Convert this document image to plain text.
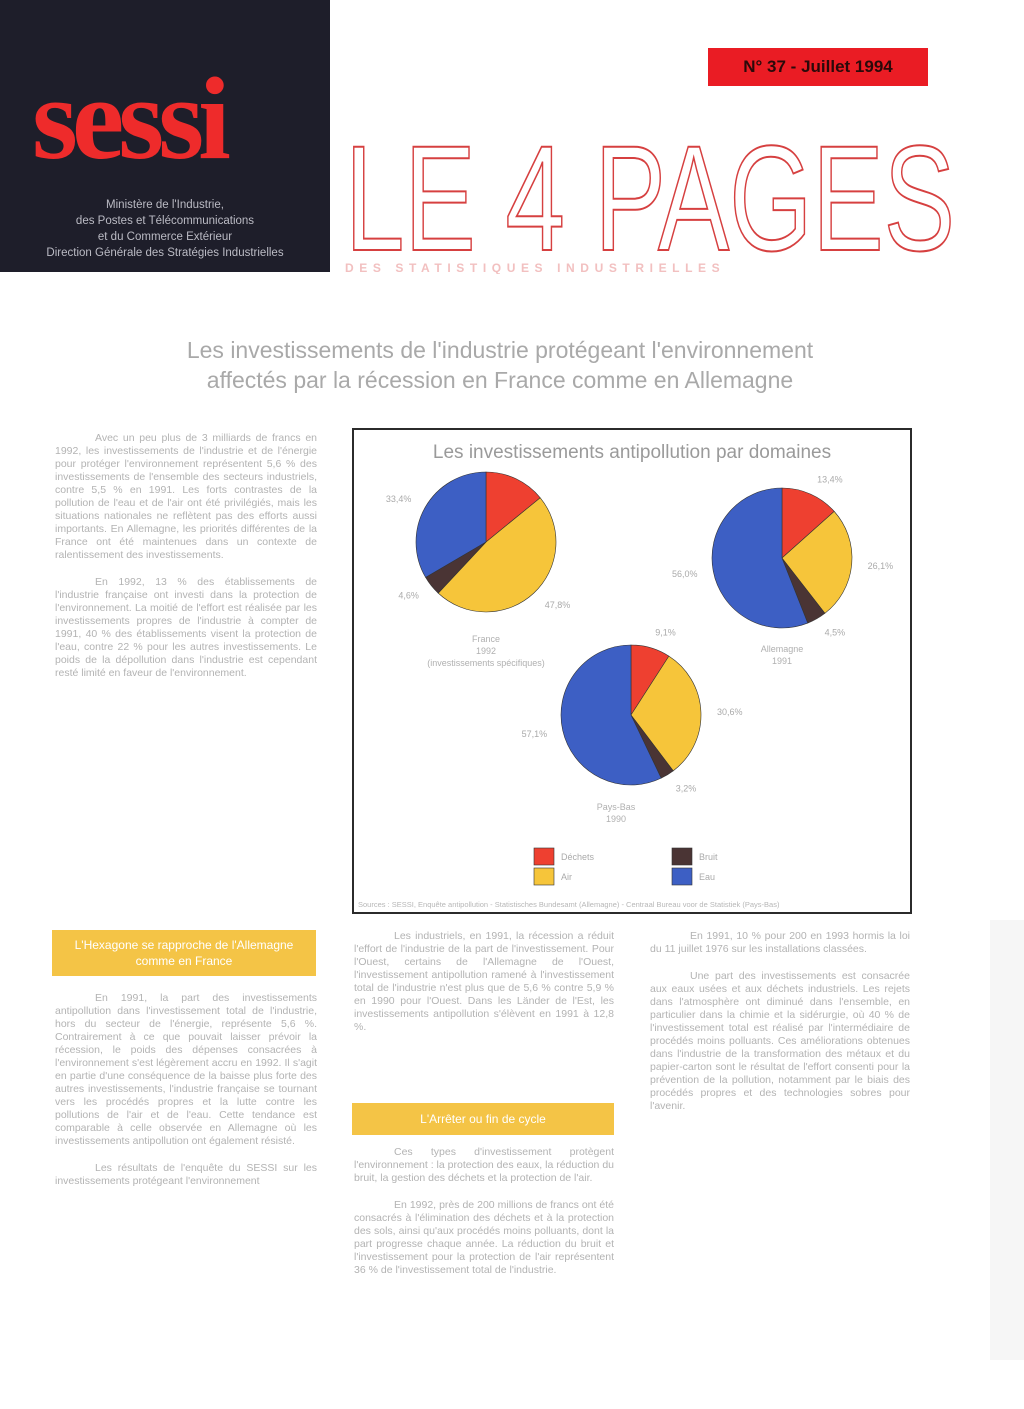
sessi
Ministère de l'Industrie,
des Postes et Télécommunications
et du Commerce Extérieur
Direction Générale des Stratégies Industrielles
N° 37 - Juillet 1994
LE 4 PAGES
DES STATISTIQUES INDUSTRIELLES
Les investissements de l'industrie protégeant l'environnement
affectés par la récession en France comme en Allemagne

Avec un peu plus de 3 milliards de francs en 1992, les investissements de l'industrie et de l'énergie pour protéger l'environnement représentent 5,6 % des investissements de l'ensemble des secteurs industriels, contre 5,5 % en 1991. Les forts contrastes de la pollution de l'eau et de l'air ont été privilégiés, mais les situations nationales ne reflètent pas des efforts aussi importants. En Allemagne, les priorités différentes de la France ont été maintenues dans un contexte de ralentissement des investissements.

En 1992, 13 % des établissements de l'industrie française ont investi dans la protection de l'environnement. La moitié de l'effort est réalisée par les investissements propres de l'industrie à compter de 1991, 40 % des établissements visent la protection de l'eau, contre 22 % pour les autres investissements. Le poids de la dépollution dans l'industrie est cependant resté limité en faveur de l'environnement.

L'Hexagone se rapproche de l'Allemagne
comme en France

En 1991, la part des investissements antipollution dans l'investissement total de l'industrie, hors du secteur de l'énergie, représente 5,6 %. Contrairement à ce que pouvait laisser prévoir la récession, le poids des dépenses consacrées à l'environnement s'est légèrement accru en 1992. Il s'agit en partie d'une conséquence de la baisse plus forte des autres investissements, l'industrie française se tournant vers les procédés propres et la lutte contre les pollutions de l'air et de l'eau. Cette tendance est comparable à celle observée en Allemagne où les investissements antipollution ont également résisté.

Les résultats de l'enquête du SESSI sur les investissements protégeant l'environnement

Les investissements antipollution par domaines
47,8%
4,6%
33,4%
France
1992
(investissements spécifiques)
13,4%
26,1%
4,5%
56,0%
Allemagne
1991
9,1%
30,6%
3,2%
57,1%
Pays-Bas
1990
Déchets	Bruit
Air	Eau
Sources : SESSI, Enquête antipollution - Statistisches Bundesamt (Allemagne) - Centraal Bureau voor de Statistiek (Pays-Bas)

Les industriels, en 1991, la récession a réduit l'effort de l'industrie de la part de l'investissement. Pour l'Ouest, certains de l'Allemagne de l'Ouest, l'investissement antipollution ramené à l'investissement total de l'industrie n'est plus que de 5,6 % contre 5,9 % en 1990 pour l'Ouest. Dans les Länder de l'Est, les investissements antipollution s'élèvent en 1991 à 12,8 %.

L'Arrêter ou fin de cycle

Ces types d'investissement protègent l'environnement : la protection des eaux, la réduction du bruit, la gestion des déchets et la protection de l'air.

En 1992, près de 200 millions de francs ont été consacrés à l'élimination des déchets et à la protection des sols, ainsi qu'aux procédés moins polluants, dont la part progresse chaque année. La réduction du bruit et l'investissement pour la protection de l'air représentent 36 % de l'investissement total de l'industrie.

En 1991, 10 % pour 200 en 1993 hormis la loi du 11 juillet 1976 sur les installations classées.

Une part des investissements est consacrée aux eaux usées et aux déchets industriels. Les rejets dans l'atmosphère ont diminué dans l'ensemble, en particulier dans la chimie et la sidérurgie, où 40 % de l'investissement total est réalisé par l'intermédiaire de procédés moins polluants. Ces améliorations obtenues dans l'industrie de la transformation des métaux et du papier-carton sont le résultat de l'effort consenti pour la prévention de la pollution, notamment par le biais des procédés propres et des technologies sobres pour l'avenir.
